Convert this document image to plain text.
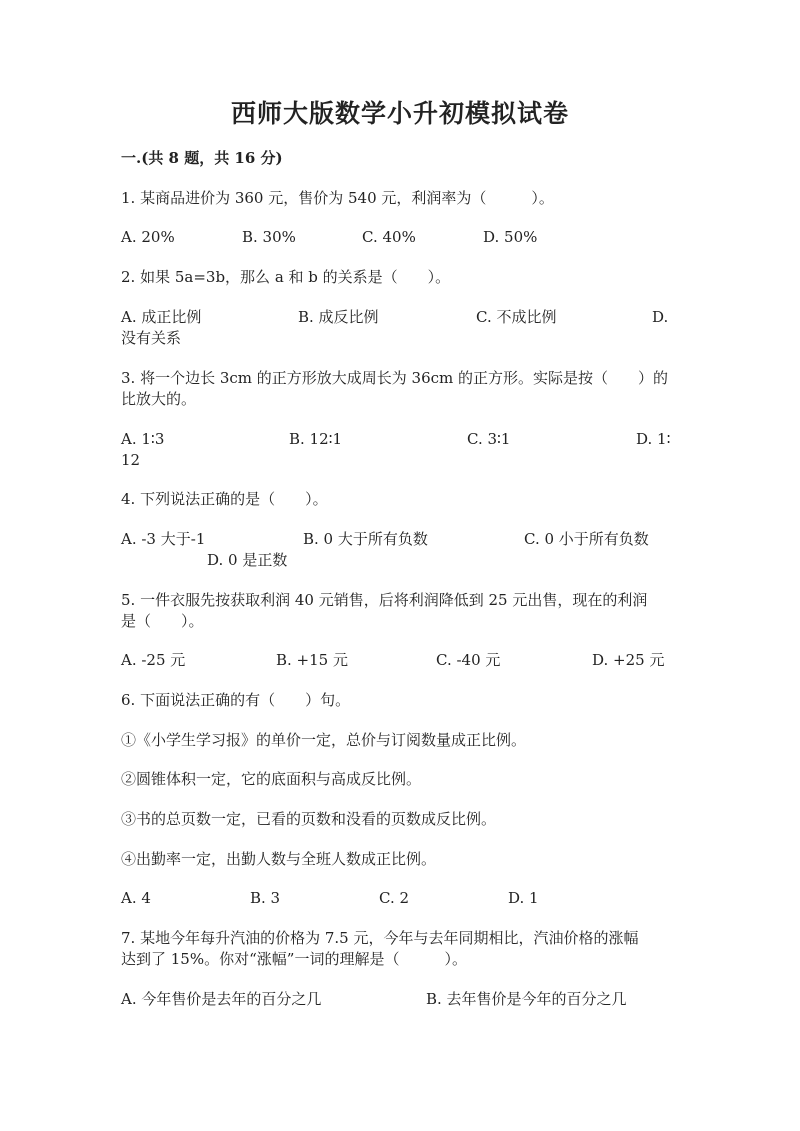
西师大版数学小升初模拟试卷
一.(共 8 题，共 16 分)
1. 某商品进价为 360 元，售价为 540 元，利润率为（　　　）。
A. 20%	B. 30%	C. 40%	D. 50%
2. 如果 5a=3b，那么 a 和 b 的关系是（　　）。
A. 成正比例	B. 成反比例	C. 不成比例	D.
没有关系
3. 将一个边长 3cm 的正方形放大成周长为 36cm 的正方形。实际是按（　　）的
比放大的。
A. 1∶3	B. 12∶1	C. 3∶1	D. 1∶
12
4. 下列说法正确的是（　　）。
A. -3 大于-1	B. 0 大于所有负数	C. 0 小于所有负数
D. 0 是正数
5. 一件衣服先按获取利润 40 元销售，后将利润降低到 25 元出售，现在的利润
是（　　）。
A. -25 元	B. +15 元	C. -40 元	D. +25 元
6. 下面说法正确的有（　　）句。
①《小学生学习报》的单价一定，总价与订阅数量成正比例。
②圆锥体积一定，它的底面积与高成反比例。
③书的总页数一定，已看的页数和没看的页数成反比例。
④出勤率一定，出勤人数与全班人数成正比例。
A. 4	B. 3	C. 2	D. 1
7. 某地今年每升汽油的价格为 7.5 元，今年与去年同期相比，汽油价格的涨幅
达到了 15%。你对“涨幅”一词的理解是（　　　）。
A. 今年售价是去年的百分之几	B. 去年售价是今年的百分之几
